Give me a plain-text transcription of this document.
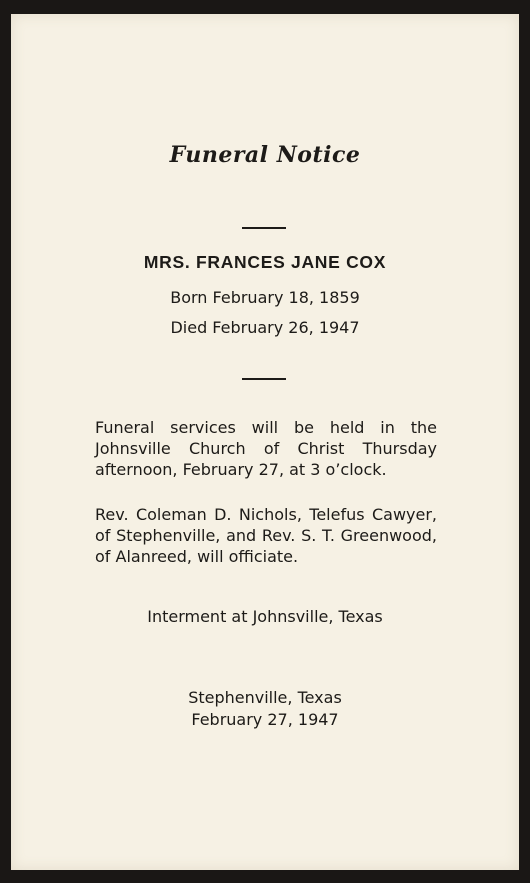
Funeral Notice
MRS. FRANCES JANE COX
Born February 18, 1859
Died February 26, 1947

Funeral services will be held in the Johnsville Church of Christ Thursday afternoon, February 27, at 3 o’clock.

Rev. Coleman D. Nichols, Telefus Cawyer, of Stephenville, and Rev. S. T. Greenwood, of Alanreed, will officiate.

Interment at Johnsville, Texas
Stephenville, Texas
February 27, 1947
